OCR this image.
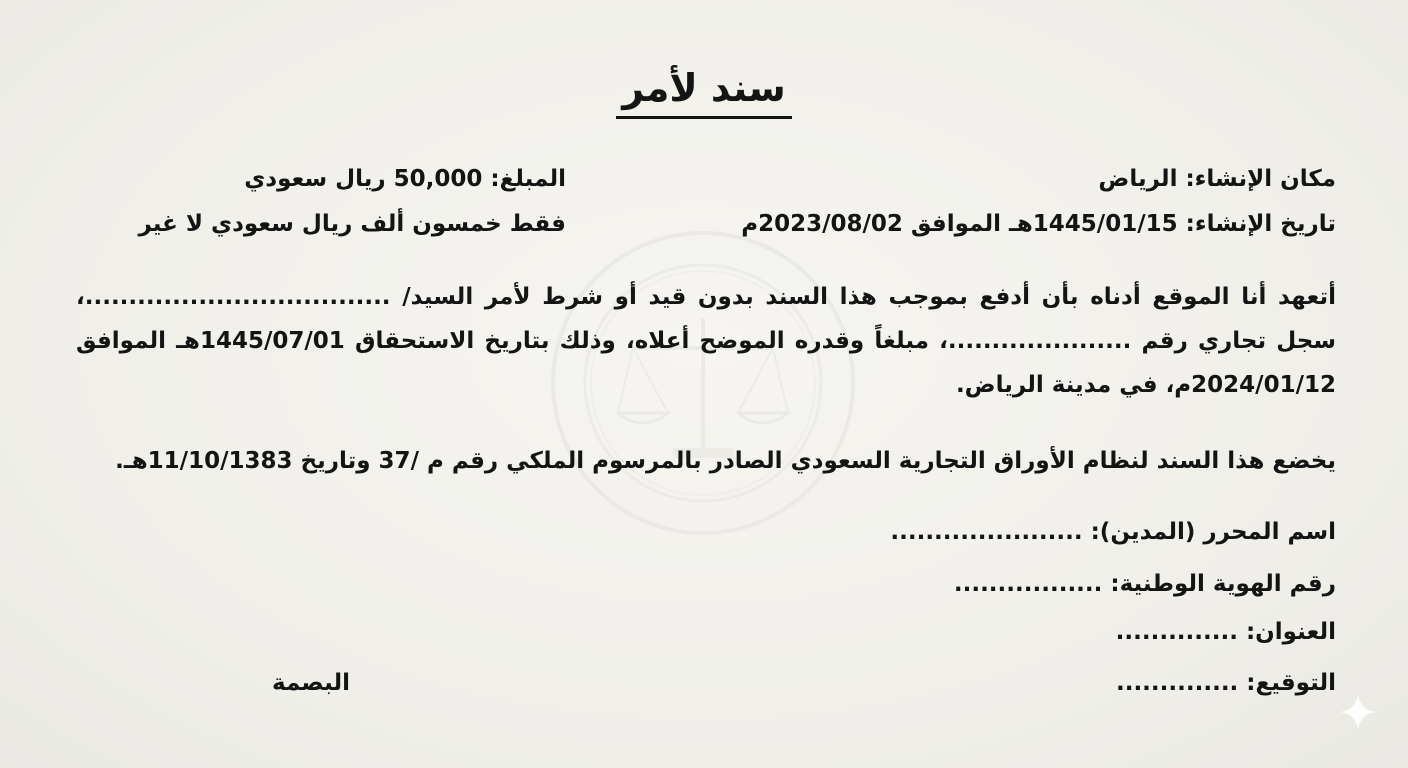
سند لأمر
مكان الإنشاء: الرياض
تاريخ الإنشاء: 1445/01/15هـ الموافق 2023/08/02م
المبلغ: 50,000 ريال سعودي
فقط خمسون ألف ريال سعودي لا غير
أتعهد أنا الموقع أدناه بأن أدفع بموجب هذا السند بدون قيد أو شرط لأمر السيد/ ...................................، سجل تجاري رقم .....................، مبلغاً وقدره الموضح أعلاه، وذلك بتاريخ الاستحقاق 1445/07/01هـ الموافق 2024/01/12م، في مدينة الرياض.
يخضع هذا السند لنظام الأوراق التجارية السعودي الصادر بالمرسوم الملكي رقم م /37 وتاريخ 11/10/1383هـ.
اسم المحرر (المدين): ......................
رقم الهوية الوطنية: .................
العنوان: ..............
التوقيع: ..............
البصمة
